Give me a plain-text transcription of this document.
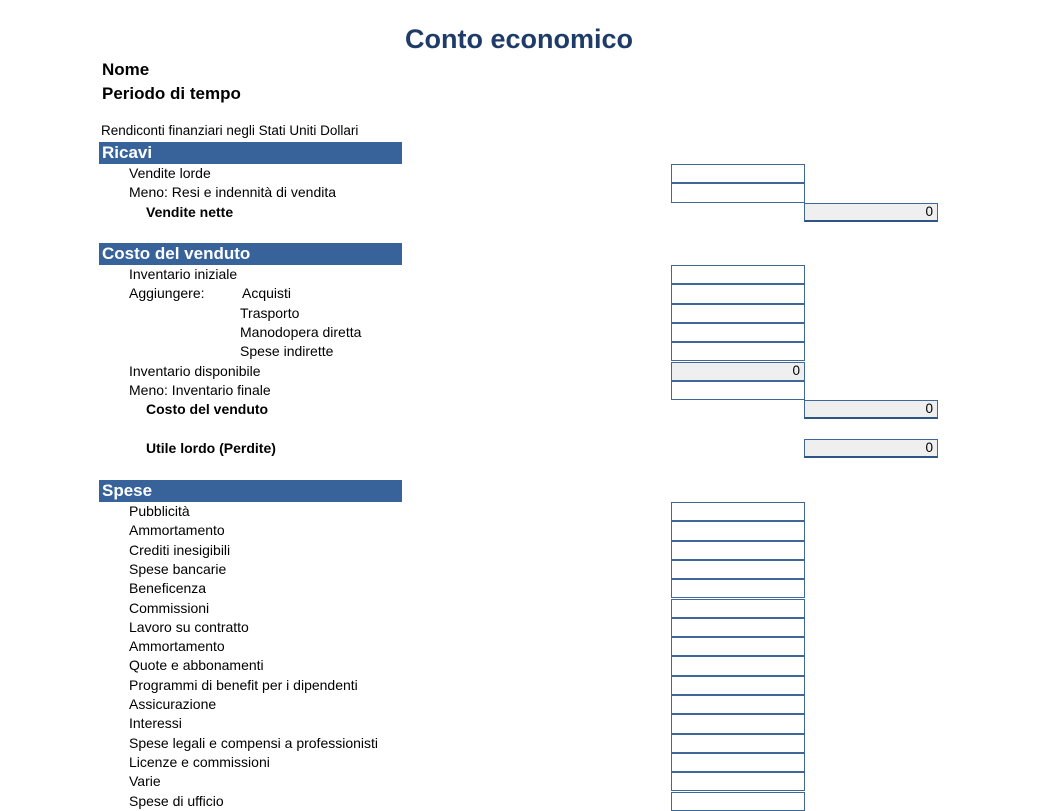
Conto economico
Nome
Periodo di tempo
Rendiconti finanziari negli Stati Uniti Dollari
Ricavi
Vendite lorde
Meno: Resi e indennità di vendita
Vendite nette	0
Costo del venduto
Inventario iniziale
Aggiungere:	Acquisti
Trasporto
Manodopera diretta
Spese indirette
Inventario disponibile	0
Meno: Inventario finale
Costo del venduto	0
Utile lordo (Perdite)	0
Spese
Pubblicità
Ammortamento
Crediti inesigibili
Spese bancarie
Beneficenza
Commissioni
Lavoro su contratto
Ammortamento
Quote e abbonamenti
Programmi di benefit per i dipendenti
Assicurazione
Interessi
Spese legali e compensi a professionisti
Licenze e commissioni
Varie
Spese di ufficio
